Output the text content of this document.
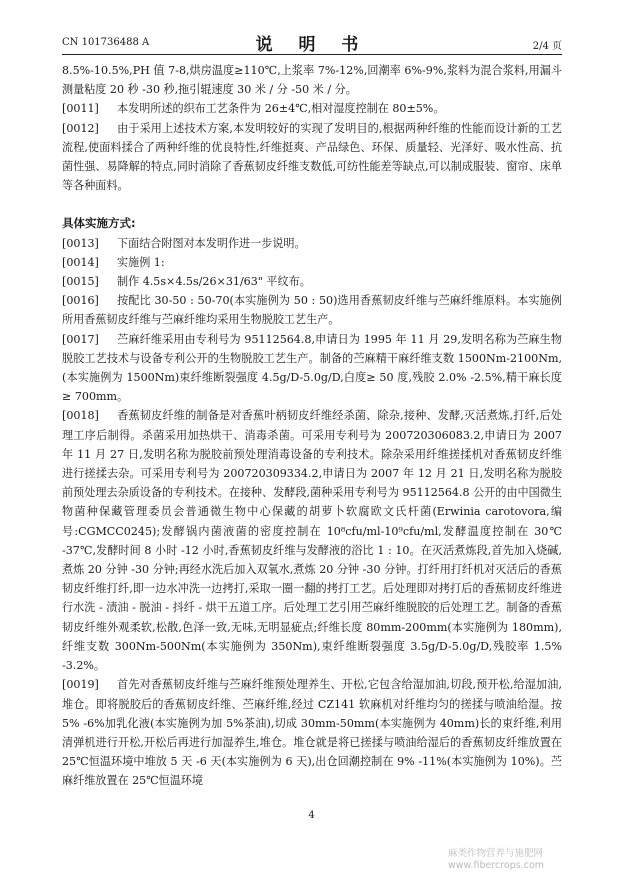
CN 101736488 A	说 明 书	2/4 页

8.5%-10.5%,PH 值 7-8,烘房温度≥110℃,上浆率 7%-12%,回潮率 6%-9%,浆料为混合浆料,用漏斗测量粘度 20 秒 -30 秒,拖引辊速度 30 米 / 分 -50 米 / 分。

[0011] 本发明所述的织布工艺条件为 26±4℃,相对湿度控制在 80±5%。

[0012] 由于采用上述技术方案,本发明较好的实现了发明目的,根据两种纤维的性能而设计新的工艺流程,使面料揉合了两种纤维的优良特性,纤维挺爽、产品绿色、环保、质量轻、光泽好、吸水性高、抗菌性强、易降解的特点,同时消除了香蕉韧皮纤维支数低,可纺性能差等缺点,可以制成服装、窗帘、床单等各种面料。

具体实施方式:

[0013] 下面结合附图对本发明作进一步说明。

[0014] 实施例 1:

[0015] 制作 4.5s×4.5s/26×31/63" 平纹布。

[0016] 按配比 30-50 : 50-70(本实施例为 50 : 50)选用香蕉韧皮纤维与苎麻纤维原料。本实施例所用香蕉韧皮纤维与苎麻纤维均采用生物脱胶工艺生产。

[0017] 苎麻纤维采用由专利号为 95112564.8,申请日为 1995 年 11 月 29,发明名称为苎麻生物脱胶工艺技术与设备专利公开的生物脱胶工艺生产。制备的苎麻精干麻纤维支数 1500Nm-2100Nm,(本实施例为 1500Nm)束纤维断裂强度 4.5g/D-5.0g/D,白度≥ 50 度,残胶 2.0% -2.5%,精干麻长度≥ 700mm。

[0018] 香蕉韧皮纤维的制备是对香蕉叶柄韧皮纤维经杀菌、除杂,接种、发酵,灭活煮炼,打纤,后处理工序后制得。杀菌采用加热烘干、消毒杀菌。可采用专利号为 200720306083.2,申请日为 2007 年 11 月 27 日,发明名称为脱胶前预处理消毒设备的专利技术。除杂采用纤维搓揉机对香蕉韧皮纤维进行搓揉去杂。可采用专利号为 200720309334.2,申请日为 2007 年 12 月 21 日,发明名称为脱胶前预处理去杂质设备的专利技术。在接种、发酵段,菌种采用专利号为 95112564.8 公开的由中国微生物菌种保藏管理委员会普通微生物中心保藏的胡萝卜软腐欧文氏杆菌(Erwinia carotovora,编号:CGMCC0245);发酵锅内菌液菌的密度控制在 10⁸cfu/ml-10⁹cfu/ml,发酵温度控制在 30℃ -37℃,发酵时间 8 小时 -12 小时,香蕉韧皮纤维与发酵液的浴比 1 : 10。在灭活煮炼段,首先加入烧碱,煮炼 20 分钟 -30 分钟;再经水洗后加入双氧水,煮炼 20 分钟 -30 分钟。打纤用打纤机对灭活后的香蕉韧皮纤维打纤,即一边水冲洗一边拷打,采取一圈一翻的拷打工艺。后处理即对拷打后的香蕉韧皮纤维进行水洗 - 渍油 - 脱油 - 抖纤 - 烘干五道工序。后处理工艺引用苎麻纤维脱胶的后处理工艺。制备的香蕉韧皮纤维外观柔软,松散,色泽一致,无味,无明显疵点;纤维长度 80mm-200mm(本实施例为 180mm),纤维支数 300Nm-500Nm(本实施例为 350Nm),束纤维断裂强度 3.5g/D-5.0g/D,残胶率 1.5% -3.2%。

[0019] 首先对香蕉韧皮纤维与苎麻纤维预处理养生、开松,它包含给湿加油,切段,预开松,给湿加油,堆仓。即将脱胶后的香蕉韧皮纤维、苎麻纤维,经过 CZ141 软麻机对纤维均匀的搓揉与喷油给湿。按 5% -6%加乳化液(本实施例为加 5%茶油),切成 30mm-50mm(本实施例为 40mm)长的束纤维,利用清弹机进行开松,开松后再进行加湿养生,堆仓。堆仓就是将已搓揉与喷油给湿后的香蕉韧皮纤维放置在 25℃恒温环境中堆放 5 天 -6 天(本实施例为 6 天),出仓回潮控制在 9% -11%(本实施例为 10%)。苎麻纤维放置在 25℃恒温环境

4
麻类作物营养与施肥网
www.fibercrops.com
